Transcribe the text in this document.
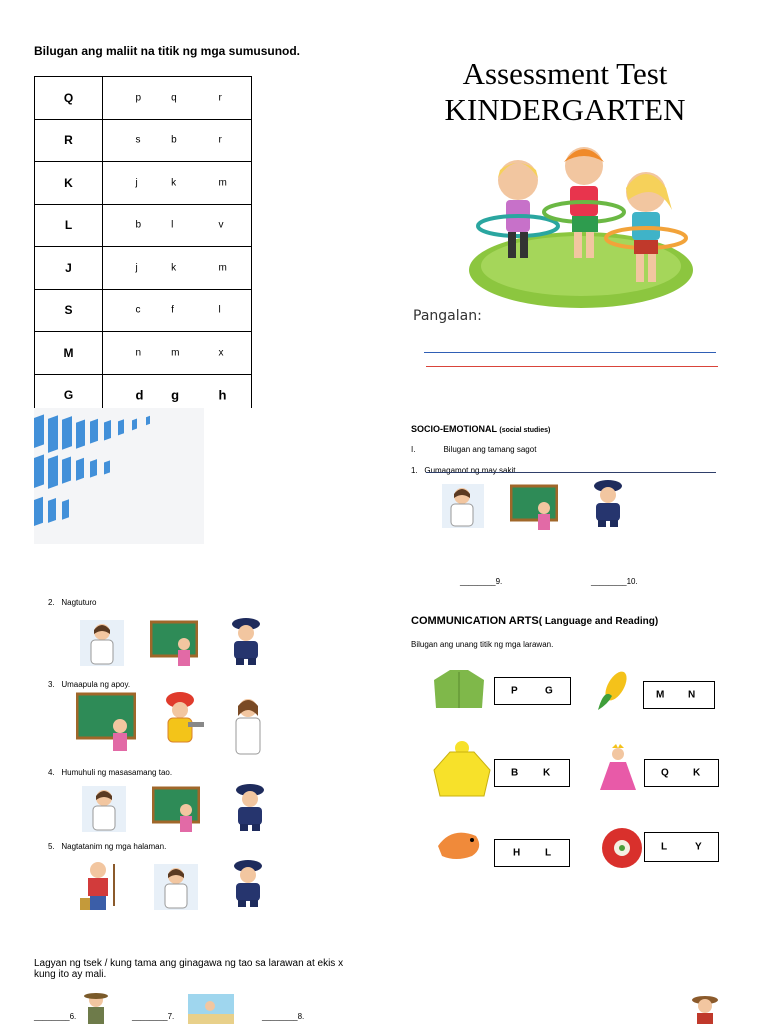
Bilugan ang maliit na titik ng mga sumusunod.
Q	p q r

R	s b r

K	j k m

L	b l v

J	j k m

S	c f l

M	n m x

G	d g h
2. Nagtuturo
3. Umaapula ng apoy.
4. Humuhuli ng masasamang tao.
5. Nagtatanim ng mga halaman.
Lagyan ng tsek / kung tama ang ginagawa ng tao sa larawan at ekis x
kung ito ay mali.
________6.	________7.	________8.
Assessment Test
KINDERGARTEN
Pangalan:
SOCIO-EMOTIONAL (social studies)
I.	Bilugan ang tamang sagot
1. Gumagamot ng may sakit.
________9.	________10.
COMMUNICATION ARTS( Language and Reading)
Bilugan ang unang titik ng mga larawan.
P	G	M N
B K	Q K
H L
L	Y
